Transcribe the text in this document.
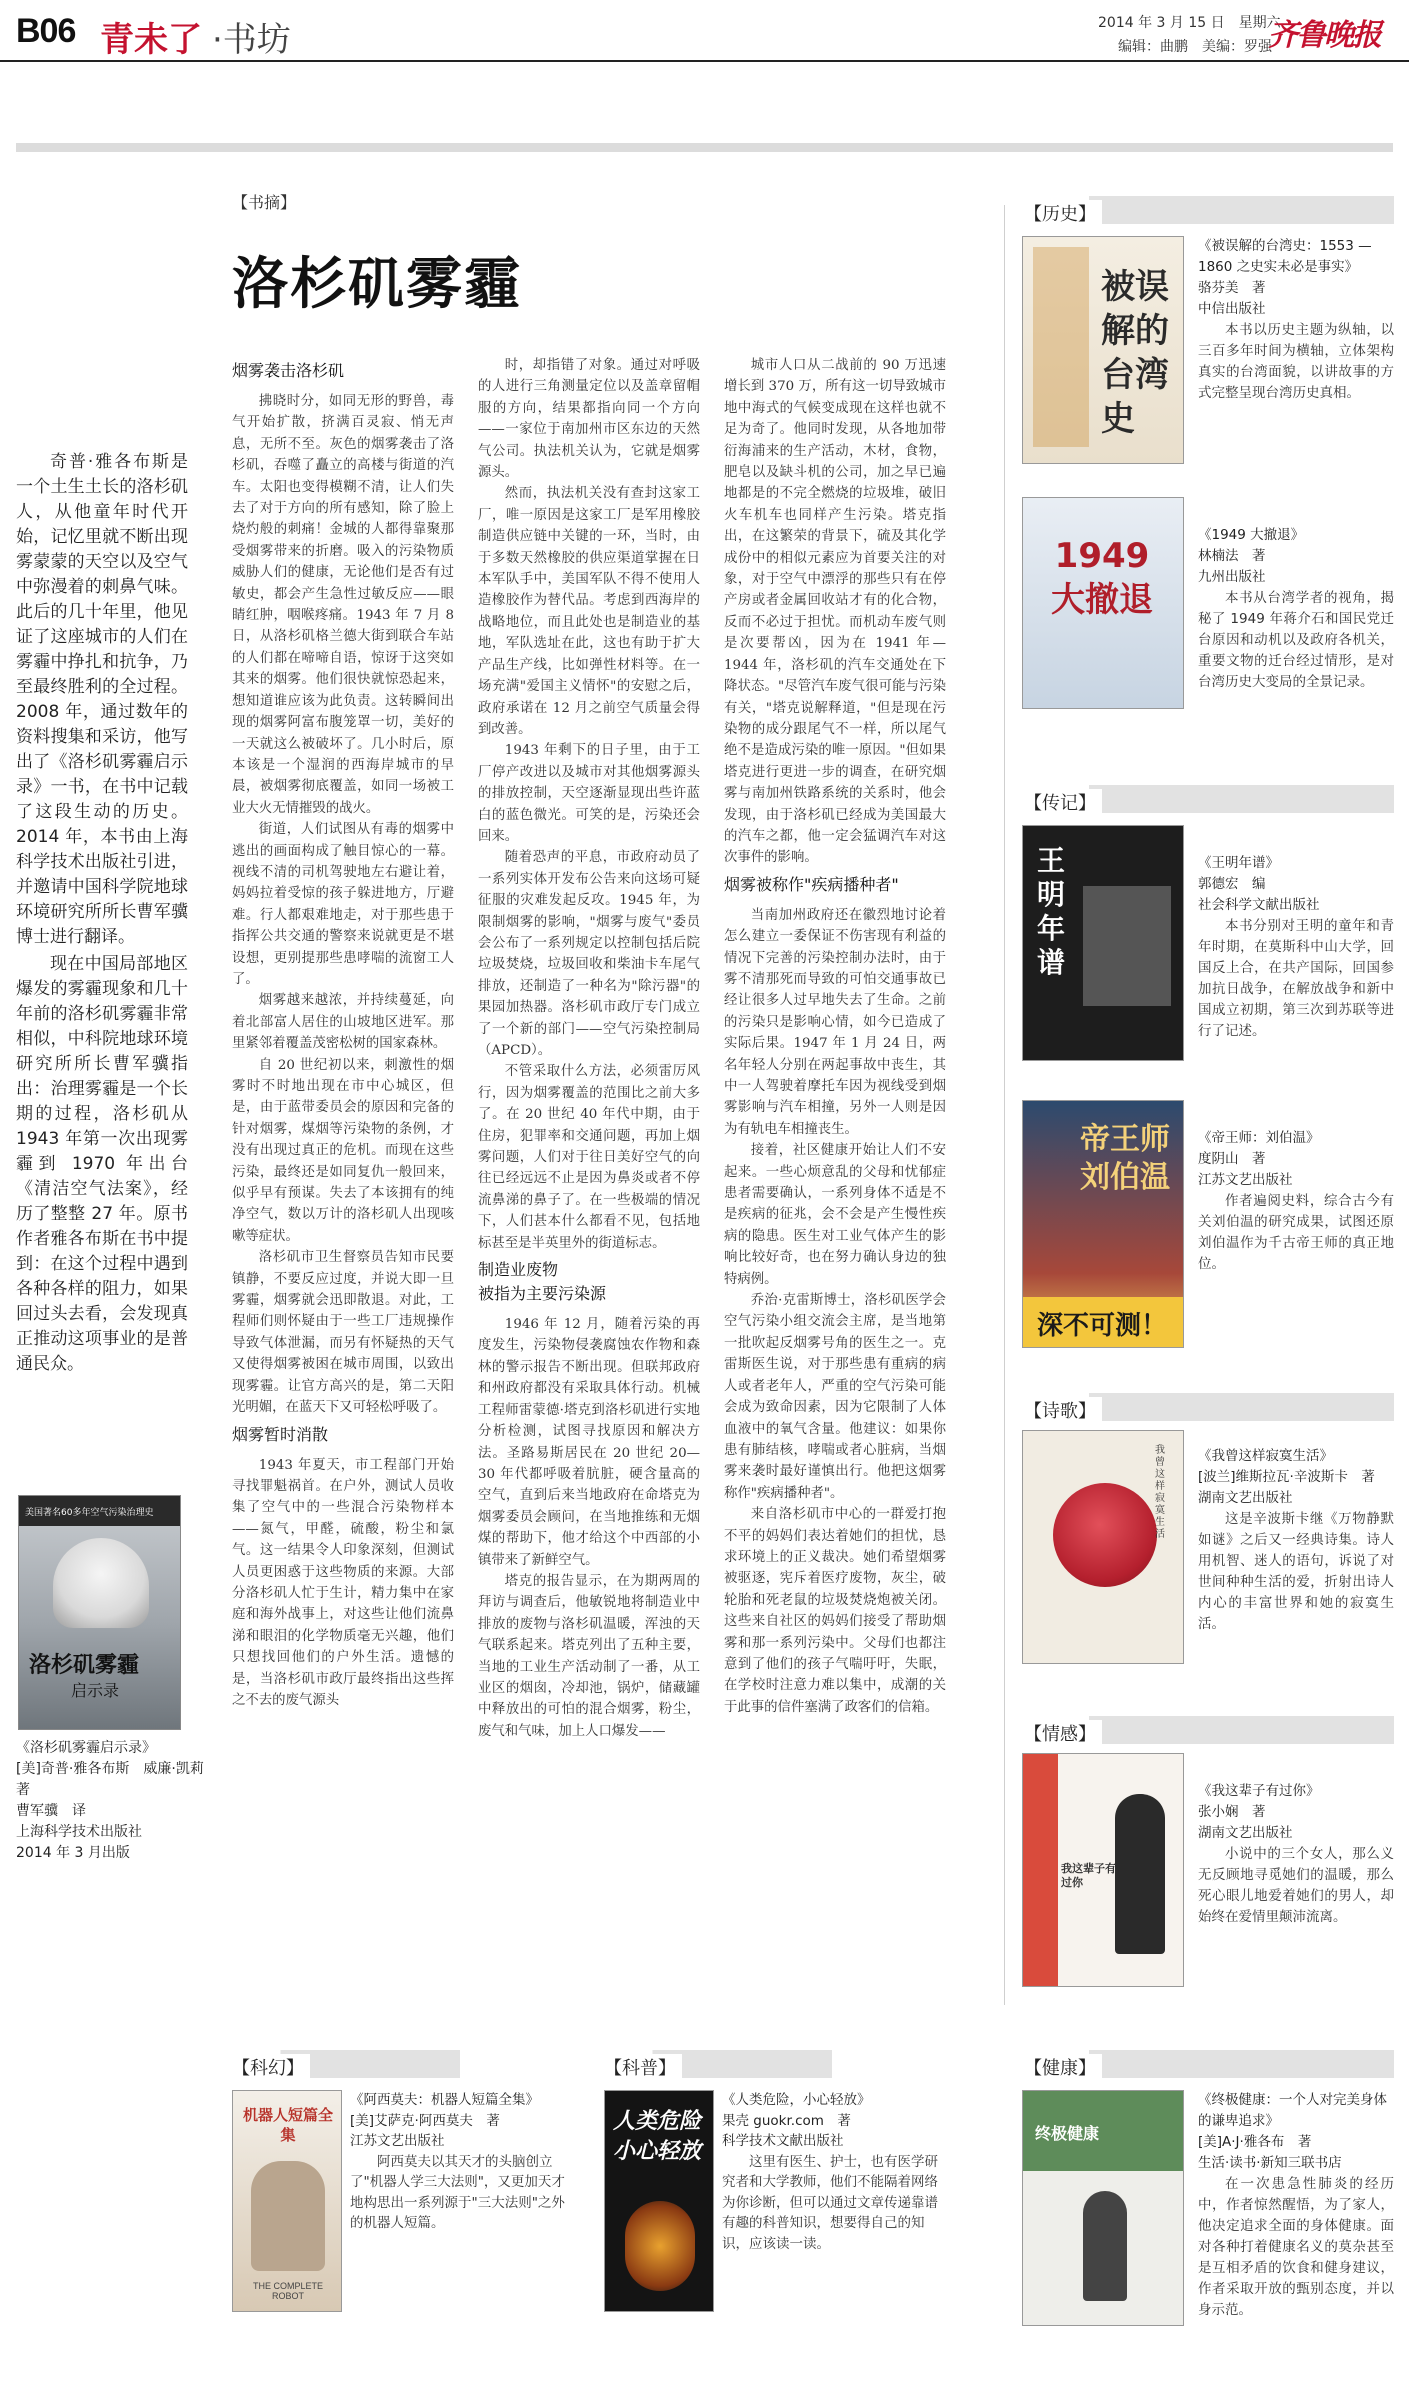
B06 青未了 ·书坊	2014 年 3 月 15 日　星期六
编辑：曲鹏　美编：罗强
齐鲁晚报
【书摘】
洛杉矶雾霾

奇普·雅各布斯是一个土生土长的洛杉矶人，从他童年时代开始，记忆里就不断出现雾蒙蒙的天空以及空气中弥漫着的刺鼻气味。此后的几十年里，他见证了这座城市的人们在雾霾中挣扎和抗争，乃至最终胜利的全过程。2008 年，通过数年的资料搜集和采访，他写出了《洛杉矶雾霾启示录》一书，在书中记载了这段生动的历史。2014 年，本书由上海科学技术出版社引进，并邀请中国科学院地球环境研究所所长曹军骥博士进行翻译。

现在中国局部地区爆发的雾霾现象和几十年前的洛杉矶雾霾非常相似，中科院地球环境研究所所长曹军骥指出：治理雾霾是一个长期的过程，洛杉矶从 1943 年第一次出现雾霾到 1970 年出台《清洁空气法案》，经历了整整 27 年。原书作者雅各布斯在书中提到：在这个过程中遇到各种各样的阻力，如果回过头去看，会发现真正推动这项事业的是普通民众。

烟雾袭击洛杉矶

拂晓时分，如同无形的野兽，毒气开始扩散，挤满百灵寂、悄无声息，无所不至。灰色的烟雾袭击了洛杉矶，吞噬了矗立的高楼与街道的汽车。太阳也变得模糊不清，让人们失去了对于方向的所有感知，除了脸上烧灼般的刺痛！金城的人都得靠聚那受烟雾带来的折磨。吸入的污染物质威胁人们的健康，无论他们是否有过敏史，都会产生急性过敏反应——眼睛红肿，咽喉疼痛。1943 年 7 月 8 日，从洛杉矶格兰德大街到联合车站的人们都在啼啼自语，惊讶于这突如其来的烟雾。他们很快就惊恐起来，想知道谁应该为此负责。这转瞬间出现的烟雾阿富布腹笼罩一切，美好的一天就这么被破坏了。几小时后，原本该是一个湿润的西海岸城市的早晨，被烟雾彻底覆盖，如同一场被工业大火无情摧毁的战火。

街道，人们试图从有毒的烟雾中逃出的画面构成了触目惊心的一幕。视线不清的司机驾驶地左右避让着，妈妈拉着受惊的孩子躲进地方，厅避难。行人都艰难地走，对于那些患于指挥公共交通的警察来说就更是不堪设想，更别提那些患哮喘的流窗工人了。

烟雾越来越浓，并持续蔓延，向着北部富人居住的山坡地区进军。那里紧邻着覆盖茂密松树的国家森林。

自 20 世纪初以来，刺激性的烟雾时不时地出现在市中心城区，但是，由于蓝带委员会的原因和完备的针对烟雾，煤烟等污染物的条例，才没有出现过真正的危机。而现在这些污染，最终还是如同复仇一般回来，似乎早有预谋。失去了本该拥有的纯净空气，数以万计的洛杉矶人出现咳嗽等症状。

洛杉矶市卫生督察员告知市民要镇静，不要反应过度，并说大即一旦雾霾，烟雾就会迅即散退。对此，工程师们则怀疑由于一些工厂违规操作导致气体泄漏，而另有怀疑热的天气又使得烟雾被困在城市周围，以致出现雾霾。让官方高兴的是，第二天阳光明媚，在蓝天下又可轻松呼吸了。

烟雾暂时消散

1943 年夏天，市工程部门开始寻找罪魁祸首。在户外，测试人员收集了空气中的一些混合污染物样本——氮气，甲醛，硫酸，粉尘和氯气。这一结果令人印象深刻，但测试人员更困惑于这些物质的来源。大部分洛杉矶人忙于生计，精力集中在家庭和海外战事上，对这些让他们流鼻涕和眼泪的化学物质毫无兴趣，他们只想找回他们的户外生活。遗憾的是，当洛杉矶市政厅最终指出这些挥之不去的废气源头

时，却指错了对象。通过对呼吸的人进行三角测量定位以及盖章留帽服的方向，结果都指向同一个方向——一家位于南加州市区东边的天然气公司。执法机关认为，它就是烟雾源头。

然而，执法机关没有查封这家工厂，唯一原因是这家工厂是军用橡胶制造供应链中关键的一环，当时，由于多数天然橡胶的供应渠道掌握在日本军队手中，美国军队不得不使用人造橡胶作为替代品。考虑到西海岸的战略地位，而且此处也是制造业的基地，军队选址在此，这也有助于扩大产品生产线，比如弹性材料等。在一场充满"爱国主义情怀"的安慰之后，政府承诺在 12 月之前空气质量会得到改善。

1943 年剩下的日子里，由于工厂停产改进以及城市对其他烟雾源头的排放控制，天空逐渐显现出些许蓝白的蓝色微光。可笑的是，污染还会回来。

随着恐声的平息，市政府动员了一系列实体开发布公告来向这场可疑征服的灾难发起反攻。1945 年，为限制烟雾的影响，"烟雾与废气"委员会公布了一系列规定以控制包括后院垃圾焚烧，垃圾回收和柴油卡车尾气排放，还制造了一种名为"除污器"的果园加热器。洛杉矶市政厅专门成立了一个新的部门——空气污染控制局（APCD）。

不管采取什么方法，必须雷厉风行，因为烟雾覆盖的范围比之前大多了。在 20 世纪 40 年代中期，由于住房，犯罪率和交通问题，再加上烟雾问题，人们对于往日美好空气的向往已经远远不止是因为鼻炎或者不停流鼻涕的鼻子了。在一些极端的情况下，人们甚本什么都看不见，包括地标甚至是半英里外的街道标志。

制造业废物
被指为主要污染源

1946 年 12 月，随着污染的再度发生，污染物侵袭腐蚀农作物和森林的警示报告不断出现。但联邦政府和州政府都没有采取具体行动。机械工程师雷蒙德·塔克到洛杉矶进行实地分析检测，试图寻找原因和解决方法。圣路易斯居民在 20 世纪 20—30 年代都呼吸着肮脏，硬含量高的空气，直到后来当地政府在命塔克为烟雾委员会顾问，在当地推练和无烟煤的帮助下，他才给这个中西部的小镇带来了新鲜空气。

塔克的报告显示，在为期两周的拜访与调查后，他敏锐地将制造业中排放的废物与洛杉矶温暖，浑浊的天气联系起来。塔克列出了五种主要，当地的工业生产活动制了一番，从工业区的烟囱，冷却池，锅炉，储藏罐中释放出的可怕的混合烟雾，粉尘，废气和气味，加上人口爆发——

城市人口从二战前的 90 万迅速增长到 370 万，所有这一切导致城市地中海式的气候变成现在这样也就不足为奇了。他同时发现，从各地加带衍海浦来的生产活动，木材，食物，肥皂以及缺斗机的公司，加之早已遍地都是的不完全燃烧的垃圾堆，破旧火车机车也同样产生污染。塔克指出，在这繁荣的背景下，硫及其化学成份中的相似元素应为首要关注的对象，对于空气中漂浮的那些只有在停产房或者金属回收站才有的化合物，反而不必过于担忧。而机动车废气则是次要帮凶，因为在 1941 年—1944 年，洛杉矶的汽车交通处在下降状态。"尽管汽车废气很可能与污染有关，"塔克说解释道，"但是现在污染物的成分跟尾气不一样，所以尾气绝不是造成污染的唯一原因。"但如果塔克进行更进一步的调查，在研究烟雾与南加州铁路系统的关系时，他会发现，由于洛杉矶已经成为美国最大的汽车之都，他一定会猛调汽车对这次事件的影响。

烟雾被称作"疾病播种者"

当南加州政府还在徽烈地讨论着怎么建立一委保证不伤害现有利益的情况下完善的污染控制办法时，由于雾不清那死而导致的可怕交通事故已经让很多人过早地失去了生命。之前的污染只是影响心情，如今已造成了实际后果。1947 年 1 月 24 日，两名年轻人分别在两起事故中丧生，其中一人驾驶着摩托车因为视线受到烟雾影响与汽车相撞，另外一人则是因为有轨电车相撞丧生。

接着，社区健康开始让人们不安起来。一些心烦意乱的父母和忧郁症患者需要确认，一系列身体不适是不是疾病的征兆，会不会是产生慢性疾病的隐患。医生对工业气体产生的影响比较好奇，也在努力确认身边的独特病例。

乔治·克雷斯博士，洛杉矶医学会空气污染小组交流会主席，是当地第一批吹起反烟雾号角的医生之一。克雷斯医生说，对于那些患有重病的病人或者老年人，严重的空气污染可能会成为致命因素，因为它限制了人体血液中的氧气含量。他建议：如果你患有肺结核，哮喘或者心脏病，当烟雾来袭时最好谨慎出行。他把这烟雾称作"疾病播种者"。

来自洛杉矶市中心的一群爱打抱不平的妈妈们表达着她们的担忧，恳求环境上的正义裁决。她们希望烟雾被驱逐，宪斥着医疗废物，灰尘，破轮胎和死老鼠的垃圾焚烧炮被关闭。这些来自社区的妈妈们接受了帮助烟雾和那一系列污染中。父母们也都注意到了他们的孩子气喘吁吁，失眠，在学校时注意力难以集中，成潮的关于此事的信件塞满了政客们的信箱。

美国著名60多年空气污染治理史
洛杉矶雾霾
启示录
《洛杉矶雾霾启示录》
[美]奇普·雅各布斯　威廉·凯莉　著
曹军骥　译
上海科学技术出版社
2014 年 3 月出版
【历史】
被误解的台湾史
《被误解的台湾史：1553 — 1860 之史实未必是事实》
骆芬美　著
中信出版社
本书以历史主题为纵轴，以三百多年时间为横轴，立体架构真实的台湾面貌，以讲故事的方式完整呈现台湾历史真相。
1949 大撤退
《1949 大撤退》
林楠法　著
九州出版社
本书从台湾学者的视角，揭秘了 1949 年蒋介石和国民党迁台原因和动机以及政府各机关，重要文物的迁台经过情形，是对台湾历史大变局的全景记录。
【传记】
王明年谱
《王明年谱》
郭德宏　编
社会科学文献出版社
本书分别对王明的童年和青年时期，在莫斯科中山大学，回国反上合，在共产国际，回国参加抗日战争，在解放战争和新中国成立初期，第三次到苏联等进行了记述。
帝王师 刘伯温
深不可测！
《帝王师：刘伯温》
度阴山　著
江苏文艺出版社
作者遍阅史料，综合古今有关刘伯温的研究成果，试图还原刘伯温作为千古帝王师的真正地位。
【诗歌】
我曾这样寂寞生活
《我曾这样寂寞生活》
[波兰]维斯拉瓦·辛波斯卡　著
湖南文艺出版社
这是辛波斯卡继《万物静默如谜》之后又一经典诗集。诗人用机智、迷人的语句，诉说了对世间种种生活的爱，折射出诗人内心的丰富世界和她的寂寞生活。
【情感】
我这辈子有过你
《我这辈子有过你》
张小娴　著
湖南文艺出版社
小说中的三个女人，那么义无反顾地寻觅她们的温暖，那么死心眼儿地爱着她们的男人，却始终在爱情里颠沛流离。
【科幻】
机器人短篇全集
THE COMPLETE ROBOT
《阿西莫夫：机器人短篇全集》
[美]艾萨克·阿西莫夫　著
江苏文艺出版社
阿西莫夫以其天才的头脑创立了"机器人学三大法则"，又更加天才地构思出一系列源于"三大法则"之外的机器人短篇。
【科普】
人类危险 小心轻放
《人类危险，小心轻放》
果壳 guokr.com　著
科学技术文献出版社
这里有医生、护士，也有医学研究者和大学教师，他们不能隔着网络为你诊断，但可以通过文章传递靠谱有趣的科普知识，想要得自己的知识，应该读一读。
【健康】
终极健康
《终极健康：一个人对完美身体的谦卑追求》
[美]A·J·雅各布　著
生活·读书·新知三联书店
在一次患急性肺炎的经历中，作者惊然醒悟，为了家人，他决定追求全面的身体健康。面对各种打着健康名义的莫杂甚至是互相矛盾的饮食和健身建议，作者采取开放的甄别态度，并以身示范。
